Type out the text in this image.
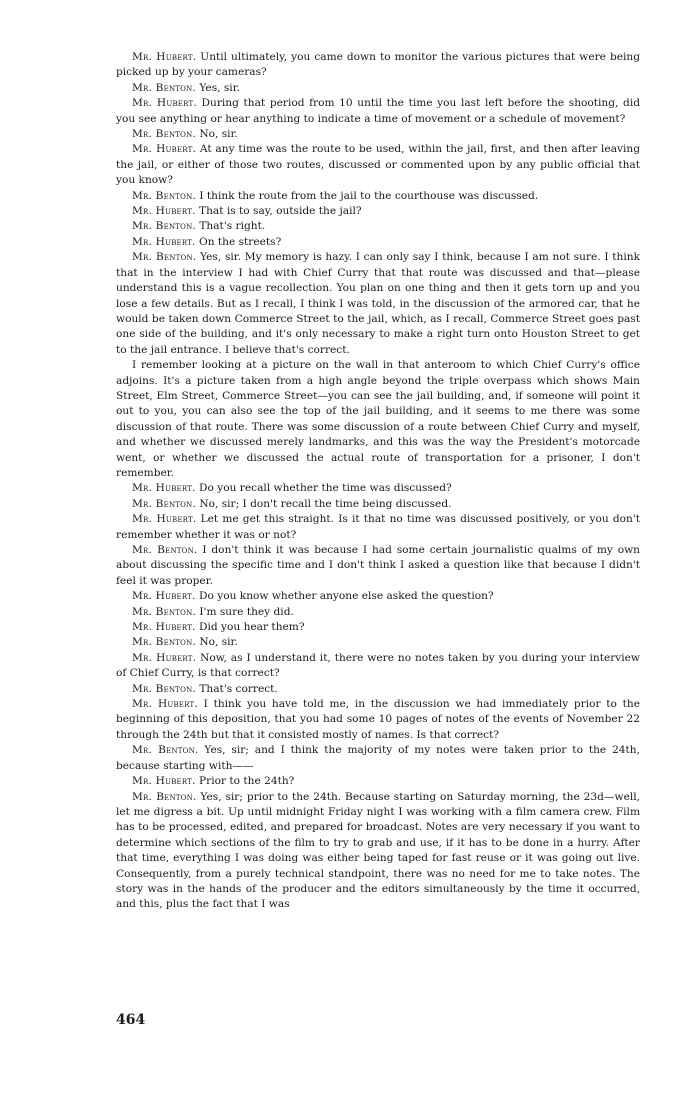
Mr. Hubert. Until ultimately, you came down to monitor the various pictures that were being picked up by your cameras?

Mr. Benton. Yes, sir.

Mr. Hubert. During that period from 10 until the time you last left before the shooting, did you see anything or hear anything to indicate a time of movement or a schedule of movement?

Mr. Benton. No, sir.

Mr. Hubert. At any time was the route to be used, within the jail, first, and then after leaving the jail, or either of those two routes, discussed or commented upon by any public official that you know?

Mr. Benton. I think the route from the jail to the courthouse was discussed.

Mr. Hubert. That is to say, outside the jail?

Mr. Benton. That's right.

Mr. Hubert. On the streets?

Mr. Benton. Yes, sir. My memory is hazy. I can only say I think, because I am not sure. I think that in the interview I had with Chief Curry that that route was discussed and that—please understand this is a vague recollection. You plan on one thing and then it gets torn up and you lose a few details. But as I recall, I think I was told, in the discussion of the armored car, that he would be taken down Commerce Street to the jail, which, as I recall, Commerce Street goes past one side of the building, and it's only necessary to make a right turn onto Houston Street to get to the jail entrance. I believe that's correct.

I remember looking at a picture on the wall in that anteroom to which Chief Curry's office adjoins. It's a picture taken from a high angle beyond the triple overpass which shows Main Street, Elm Street, Commerce Street—you can see the jail building, and, if someone will point it out to you, you can also see the top of the jail building, and it seems to me there was some discussion of that route. There was some discussion of a route between Chief Curry and myself, and whether we discussed merely landmarks, and this was the way the President's motorcade went, or whether we discussed the actual route of transportation for a prisoner, I don't remember.

Mr. Hubert. Do you recall whether the time was discussed?

Mr. Benton. No, sir; I don't recall the time being discussed.

Mr. Hubert. Let me get this straight. Is it that no time was discussed positively, or you don't remember whether it was or not?

Mr. Benton. I don't think it was because I had some certain journalistic qualms of my own about discussing the specific time and I don't think I asked a question like that because I didn't feel it was proper.

Mr. Hubert. Do you know whether anyone else asked the question?

Mr. Benton. I'm sure they did.

Mr. Hubert. Did you hear them?

Mr. Benton. No, sir.

Mr. Hubert. Now, as I understand it, there were no notes taken by you during your interview of Chief Curry, is that correct?

Mr. Benton. That's correct.

Mr. Hubert. I think you have told me, in the discussion we had immediately prior to the beginning of this deposition, that you had some 10 pages of notes of the events of November 22 through the 24th but that it consisted mostly of names. Is that correct?

Mr. Benton. Yes, sir; and I think the majority of my notes were taken prior to the 24th, because starting with——

Mr. Hubert. Prior to the 24th?

Mr. Benton. Yes, sir; prior to the 24th. Because starting on Saturday morning, the 23d—well, let me digress a bit. Up until midnight Friday night I was working with a film camera crew. Film has to be processed, edited, and prepared for broadcast. Notes are very necessary if you want to determine which sections of the film to try to grab and use, if it has to be done in a hurry. After that time, everything I was doing was either being taped for fast reuse or it was going out live. Consequently, from a purely technical standpoint, there was no need for me to take notes. The story was in the hands of the producer and the editors simultaneously by the time it occurred, and this, plus the fact that I was

464
